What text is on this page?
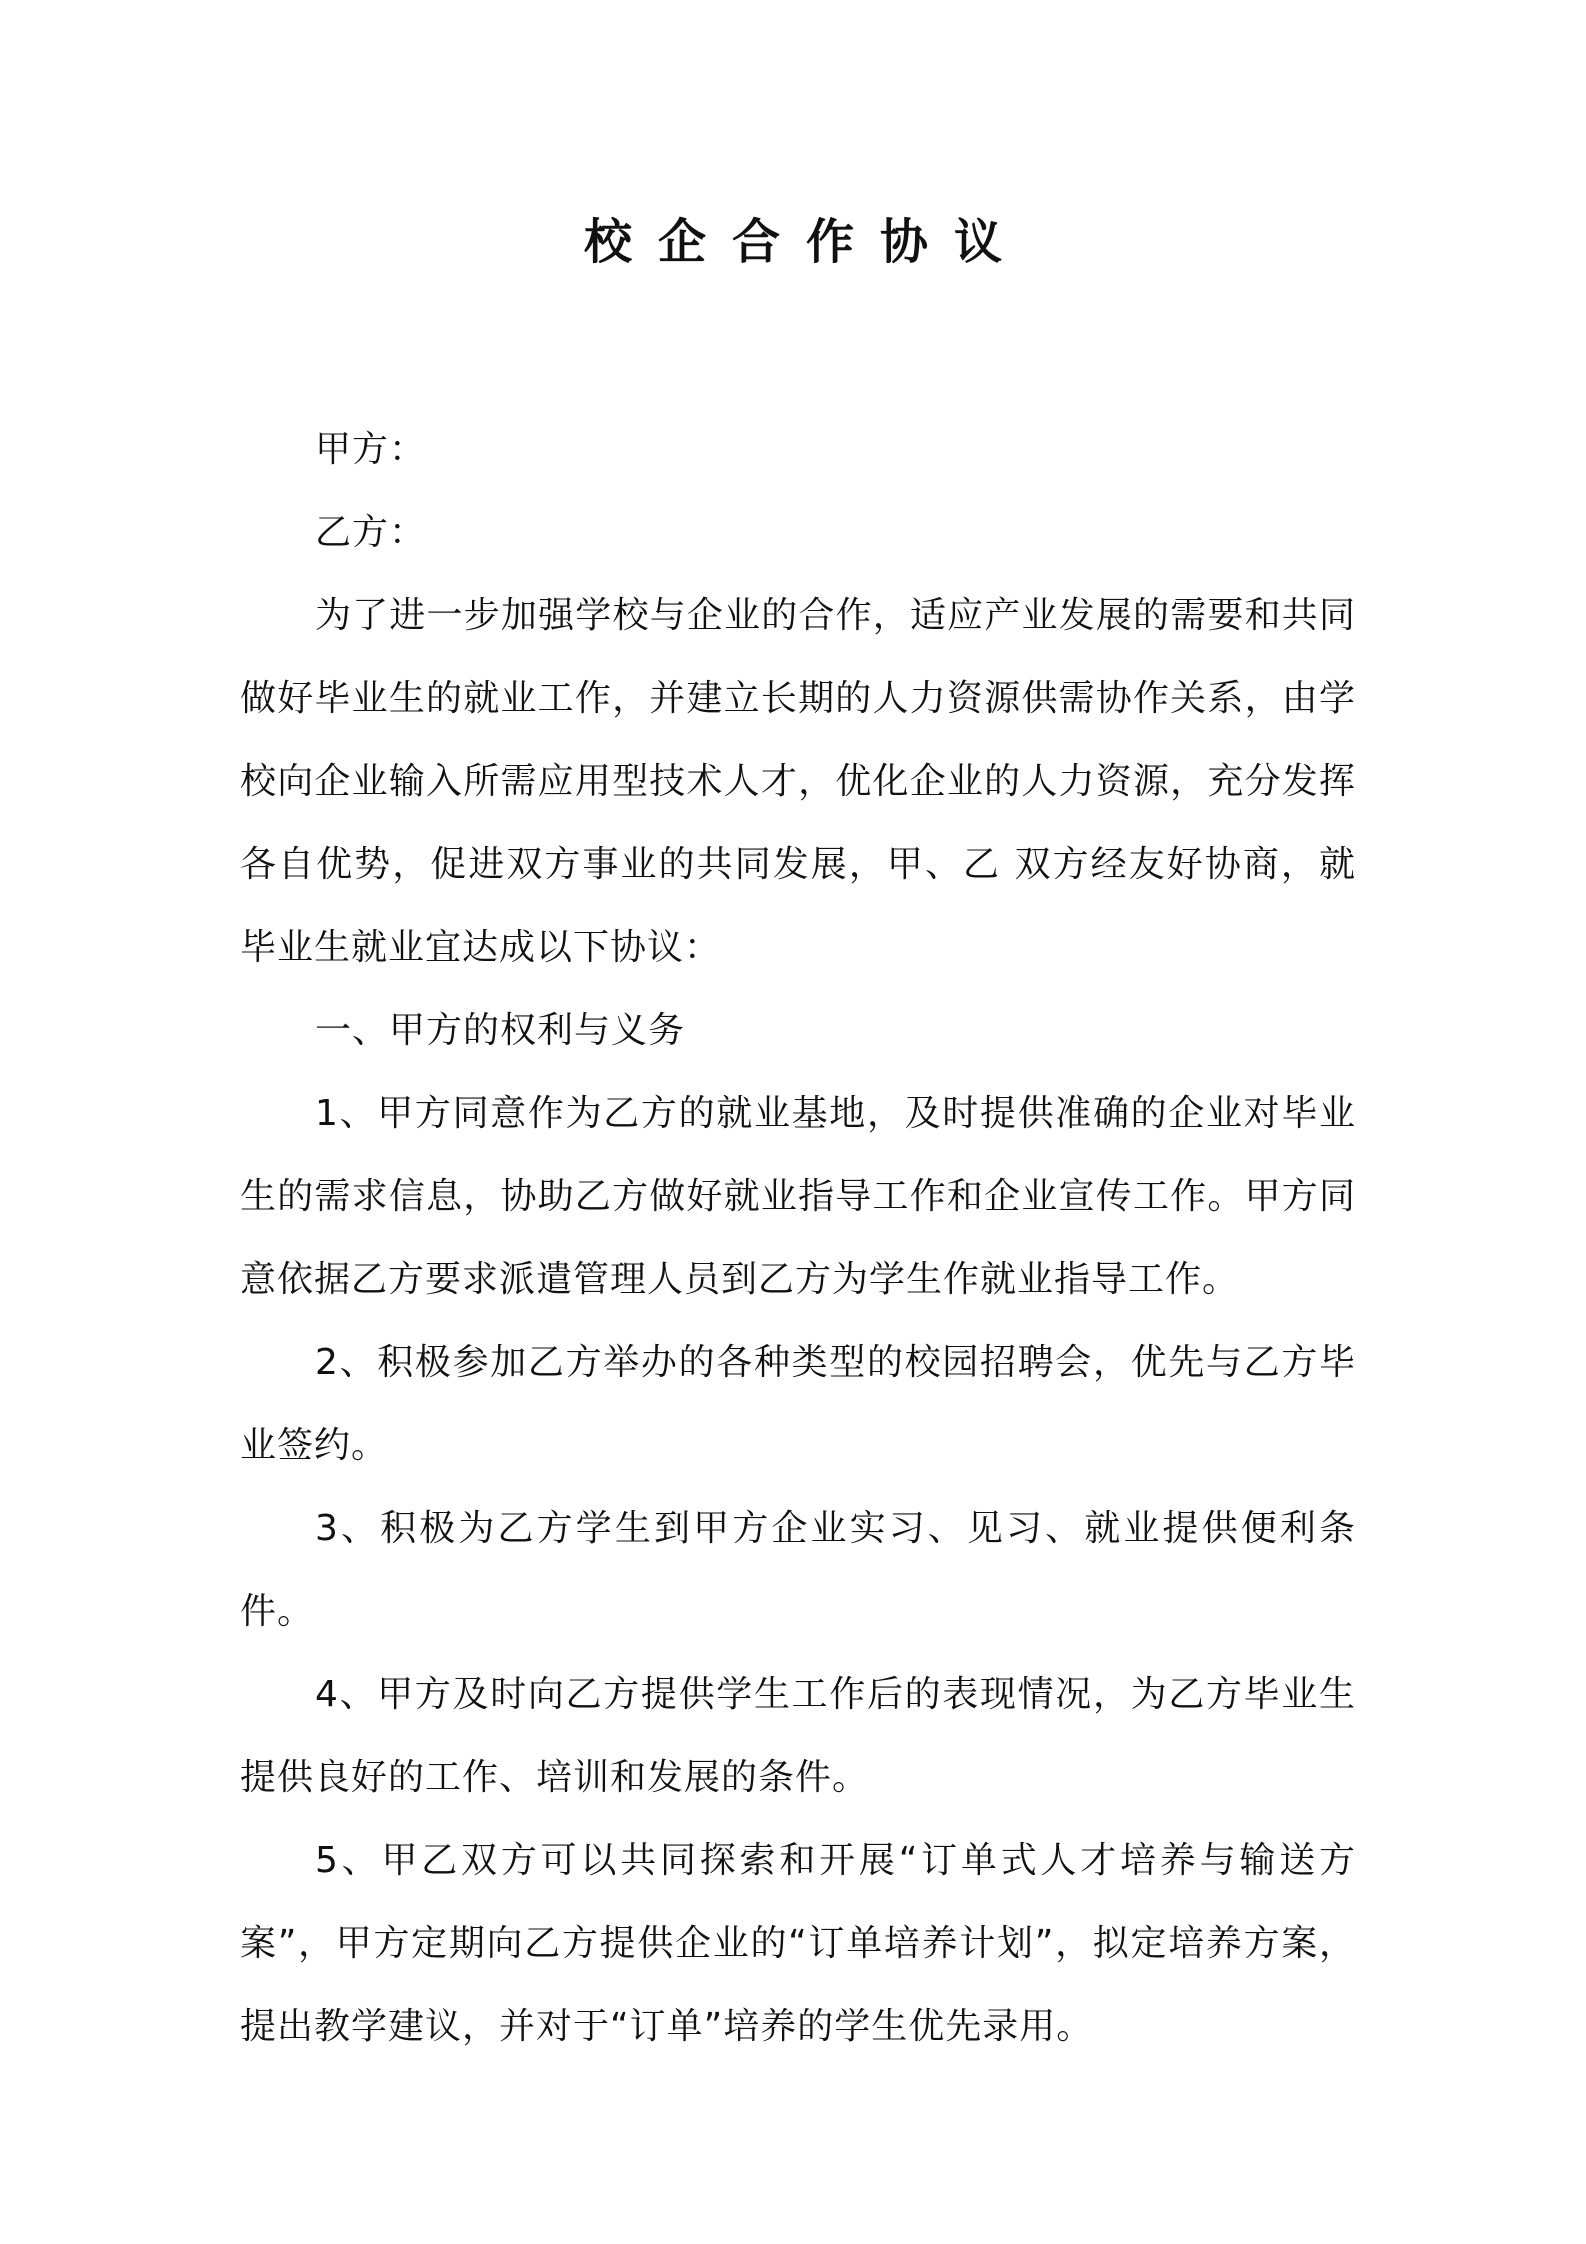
校企合作协议

甲方：

乙方：

为了进一步加强学校与企业的合作，适应产业发展的需要和共同做好毕业生的就业工作，并建立长期的人力资源供需协作关系，由学校向企业输入所需应用型技术人才，优化企业的人力资源，充分发挥各自优势，促进双方事业的共同发展，甲、乙 双方经友好协商，就毕业生就业宜达成以下协议：

一、甲方的权利与义务

1、甲方同意作为乙方的就业基地，及时提供准确的企业对毕业生的需求信息，协助乙方做好就业指导工作和企业宣传工作。甲方同意依据乙方要求派遣管理人员到乙方为学生作就业指导工作。

2、积极参加乙方举办的各种类型的校园招聘会，优先与乙方毕业签约。

3、积极为乙方学生到甲方企业实习、见习、就业提供便利条件。

4、甲方及时向乙方提供学生工作后的表现情况，为乙方毕业生提供良好的工作、培训和发展的条件。

5、甲乙双方可以共同探索和开展“订单式人才培养与输送方案”，甲方定期向乙方提供企业的“订单培养计划”，拟定培养方案，提出教学建议，并对于“订单”培养的学生优先录用。
